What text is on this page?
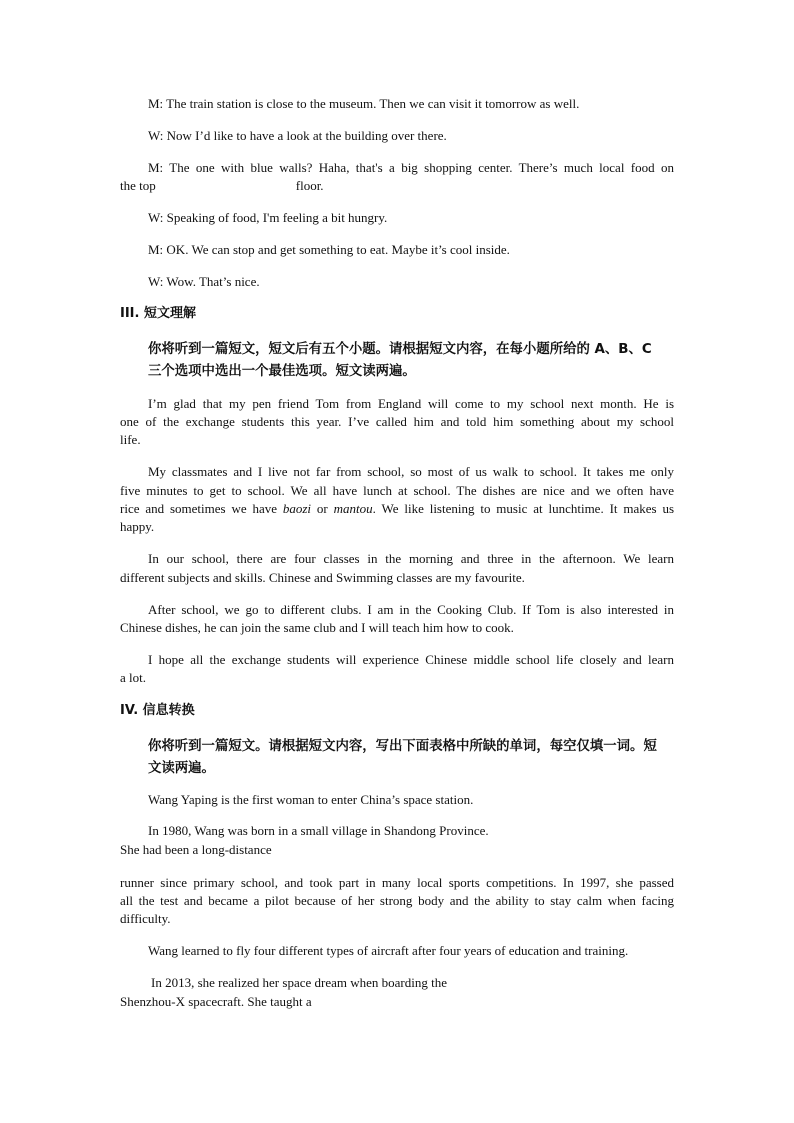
M: The train station is close to the museum. Then we can visit it tomorrow as well.
W: Now I’d like to have a look at the building over there.
M: The one with blue walls? Haha, that's a big shopping center. There’s much local food on
the top	floor.
W: Speaking of food, I'm feeling a bit hungry.
M: OK. We can stop and get something to eat. Maybe it’s cool inside.
W: Wow. That’s nice.
III. 短文理解
你将听到一篇短文，短文后有五个小题。请根据短文内容，在每小题所给的 A、B、C
三个选项中选出一个最佳选项。短文读两遍。
I’m glad that my pen friend Tom from England will come to my school next month. He is
one of the exchange students this year. I’ve called him and told him something about my school
life.
My classmates and I live not far from school, so most of us walk to school. It takes me only
five minutes to get to school. We all have lunch at school. The dishes are nice and we often have
rice and sometimes we have baozi or mantou. We like listening to music at lunchtime. It makes us
happy.
In our school, there are four classes in the morning and three in the afternoon. We learn
different subjects and skills. Chinese and Swimming classes are my favourite.
After school, we go to different clubs. I am in the Cooking Club. If Tom is also interested in
Chinese dishes, he can join the same club and I will teach him how to cook.
I hope all the exchange students will experience Chinese middle school life closely and learn
a lot.
IV. 信息转换
你将听到一篇短文。请根据短文内容，写出下面表格中所缺的单词，每空仅填一词。短
文读两遍。
Wang Yaping is the first woman to enter China’s space station.
In 1980, Wang was born in a small village in Shandong Province.
She had been a long-distance
runner since primary school, and took part in many local sports competitions. In 1997, she passed
all the test and became a pilot because of her strong body and the ability to stay calm when facing
difficulty.
Wang learned to fly four different types of aircraft after four years of education and training.
In 2013, she realized her space dream when boarding the
Shenzhou-X spacecraft. She taught a
